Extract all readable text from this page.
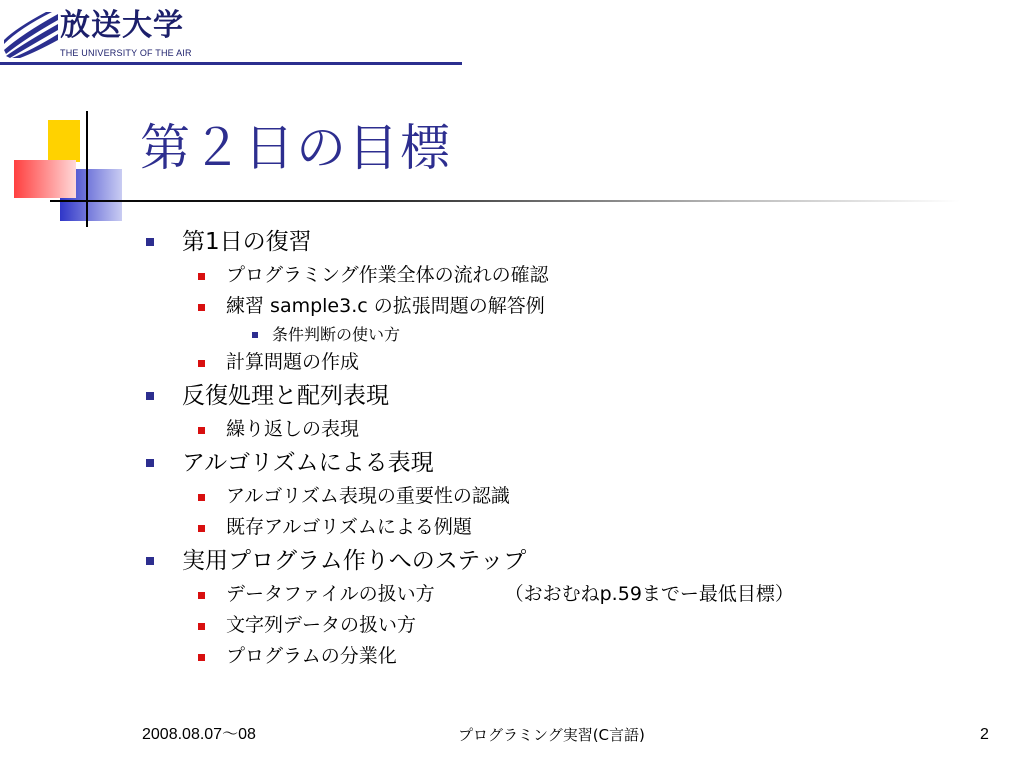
放送大学
THE UNIVERSITY OF THE AIR
第２日の目標
第1日の復習
プログラミング作業全体の流れの確認
練習 sample3.c の拡張問題の解答例
条件判断の使い方
計算問題の作成
反復処理と配列表現
繰り返しの表現
アルゴリズムによる表現
アルゴリズム表現の重要性の認識
既存アルゴリズムによる例題
実用プログラム作りへのステップ
データファイルの扱い方	（おおむねp.59までー最低目標）
文字列データの扱い方
プログラムの分業化
2008.08.07～08	プログラミング実習(C言語)	2
